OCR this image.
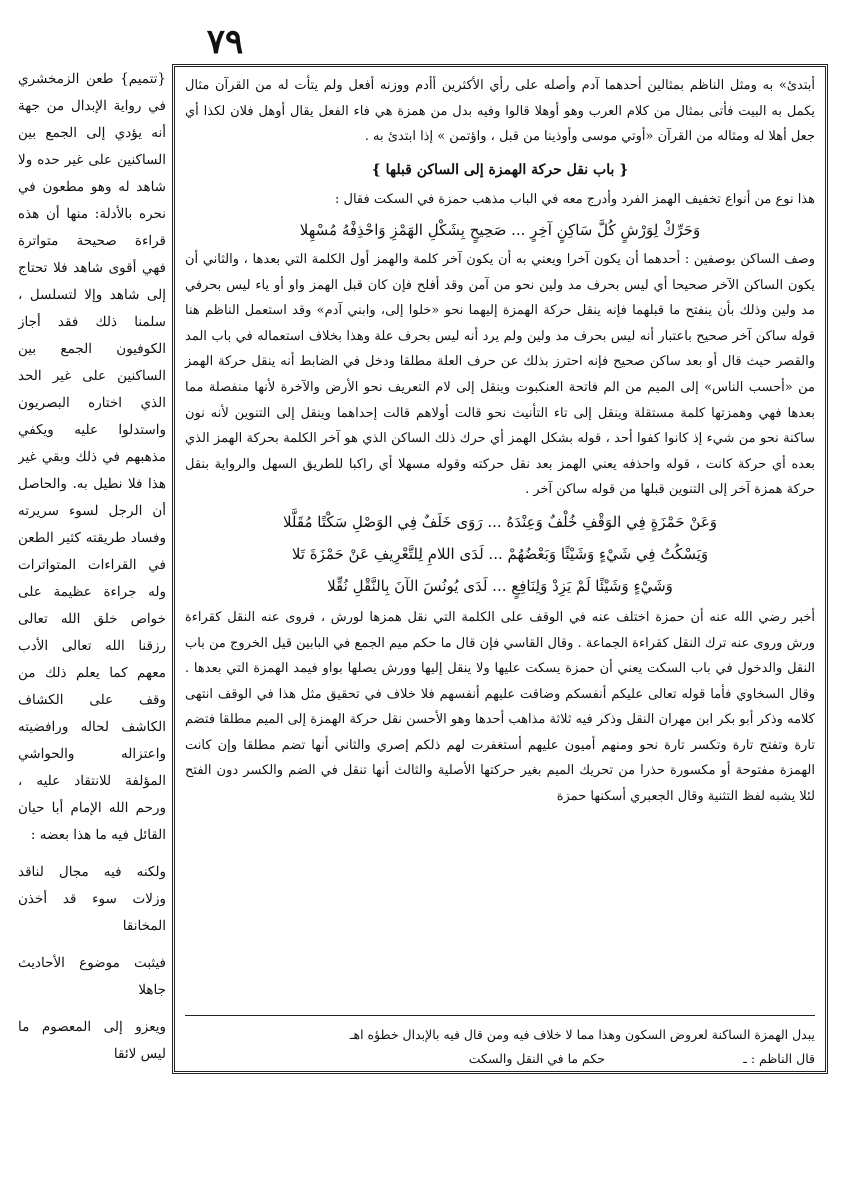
٧٩

{تتميم} طعن الزمخشري في رواية الإبدال من جهة أنه يؤدي إلى الجمع بين الساكنين على غير حده ولا شاهد له وهو مطعون في نحره بالأدلة: منها أن هذه قراءة صحيحة متواترة فهي أقوى شاهد فلا تحتاج إلى شاهد وإلا لتسلسل ، سلمنا ذلك فقد أجاز الكوفيون الجمع بين الساكنين على غير الحد الذي اختاره البصريون واستدلوا عليه ويكفي مذهبهم في ذلك وبقي غير هذا فلا نطيل به. والحاصل أن الرجل لسوء سريرته وفساد طريقته كثير الطعن في القراءات المتواترات وله جراءة عظيمة على خواص خلق الله تعالى رزقنا الله تعالى الأدب معهم كما يعلم ذلك من وقف على الكشاف الكاشف لحاله ورافضيته واعتزاله والحواشي المؤلفة للانتقاد عليه ، ورحم الله الإمام أبا حيان القائل فيه ما هذا بعضه :

ولكنه فيه مجال لناقد وزلات سوء قد أخذن المخانقا

فيثبت موضوع الأحاديث جاهلا

ويعزو إلى المعصوم ما ليس لائقا

أبتدئ» به ومثل الناظم بمثالين أحدهما آدم وأصله على رأي الأكثرين أأدم ووزنه أفعل ولم يتأت له من القرآن مثال يكمل به البيت فأتى بمثال من كلام العرب وهو أوهلا قالوا وفيه بدل من همزة هي فاء الفعل يقال أوهل فلان لكذا أي جعل أهلا له ومثاله من القرآن «أوتي موسى وأوذينا من قبل ، واؤتمن » إذا ابتدئ به .

{ باب نقل حركة الهمزة إلى الساكن قبلها }

هذا نوع من أنواع تخفيف الهمز الفرد وأدرج معه في الباب مذهب حمزة في السكت فقال :

وَحَرِّكْ لِوَرْشٍ كُلَّ سَاكِنٍ آخِرٍ ... صَحِيحٍ بِشَكْلِ الهَمْزِ وَاحْذِفْهُ مُسْهِلا

وصف الساكن بوصفين : أحدهما أن يكون آخرا ويعني به أن يكون آخر كلمة والهمز أول الكلمة التي بعدها ، والثاني أن يكون الساكن الآخر صحيحا أي ليس بحرف مد ولين نحو من آمن وقد أفلح فإن كان قبل الهمز واو أو ياء ليس بحرفي مد ولين وذلك بأن ينفتح ما قبلهما فإنه ينقل حركة الهمزة إليهما نحو «خلوا إلى، وابني آدم» وقد استعمل الناظم هنا قوله ساكن آخر صحيح باعتبار أنه ليس بحرف مد ولين ولم يرد أنه ليس بحرف علة وهذا بخلاف استعماله في باب المد والقصر حيث قال أو بعد ساكن صحيح فإنه احترز بذلك عن حرف العلة مطلقا ودخل في الضابط أنه ينقل حركة الهمز من «أحسب الناس» إلى الميم من الم فاتحة العنكبوت وينقل إلى لام التعريف نحو الأرض والآخرة لأنها منفصلة مما بعدها فهي وهمزتها كلمة مستقلة وينقل إلى تاء التأنيث نحو قالت أولاهم قالت إحداهما وينقل إلى التنوين لأنه نون ساكنة نحو من شيء إذ كانوا كفوا أحد ، قوله بشكل الهمز أي حرك ذلك الساكن الذي هو آخر الكلمة بحركة الهمز الذي بعده أي حركة كانت ، قوله واحذفه يعني الهمز بعد نقل حركته وقوله مسهلا أي راكبا للطريق السهل والرواية بنقل حركة همزة آخر إلى التنوين قبلها من قوله ساكن آخر .

وَعَنْ حَمْزَةٍ فِي الوَقْفِ خُلْفٌ وَعِنْدَهُ ... رَوَى خَلَفٌ فِي الوَصْلِ سَكْتًا مُقَلَّلا
وَيَسْكُتُ فِي شَيْءٍ وَشَيْئًا وَبَعْضُهُمْ ... لَدَى اللامِ لِلتَّعْرِيفِ عَنْ حَمْزَةَ تَلا
وَشَيْءٍ وَشَيْئًا لَمْ يَزِدْ وَلِنَافِعٍ ... لَدَى يُونُسَ الآنَ بِالنَّقْلِ نُقِّلا

أخبر رضي الله عنه أن حمزة اختلف عنه في الوقف على الكلمة التي نقل همزها لورش ، فروى عنه النقل كقراءة ورش وروى عنه ترك النقل كقراءة الجماعة . وقال القاسي فإن قال ما حكم ميم الجمع في البابين قيل الخروج من باب النقل والدخول في باب السكت يعني أن حمزة يسكت عليها ولا ينقل إليها وورش يصلها بواو فيمد الهمزة التي بعدها . وقال السخاوي فأما قوله تعالى عليكم أنفسكم وضاقت عليهم أنفسهم فلا خلاف في تحقيق مثل هذا في الوقف انتهى كلامه وذكر أبو بكر ابن مهران النقل وذكر فيه ثلاثة مذاهب أحدها وهو الأحسن نقل حركة الهمزة إلى الميم مطلقا فتضم تارة وتفتح تارة وتكسر تارة نحو ومنهم أميون عليهم أستغفرت لهم ذلكم إصري والثاني أنها تضم مطلقا وإن كانت الهمزة مفتوحة أو مكسورة حذرا من تحريك الميم بغير حركتها الأصلية والثالث أنها تنقل في الضم والكسر دون الفتح لئلا يشبه لفظ التثنية وقال الجعبري أسكنها حمزة

يبدل الهمزة الساكنة لعروض السكون وهذا مما لا خلاف فيه ومن قال فيه بالإبدال خطؤه اهـ

قال الناظم : ـ

حكم ما في النقل والسكت
